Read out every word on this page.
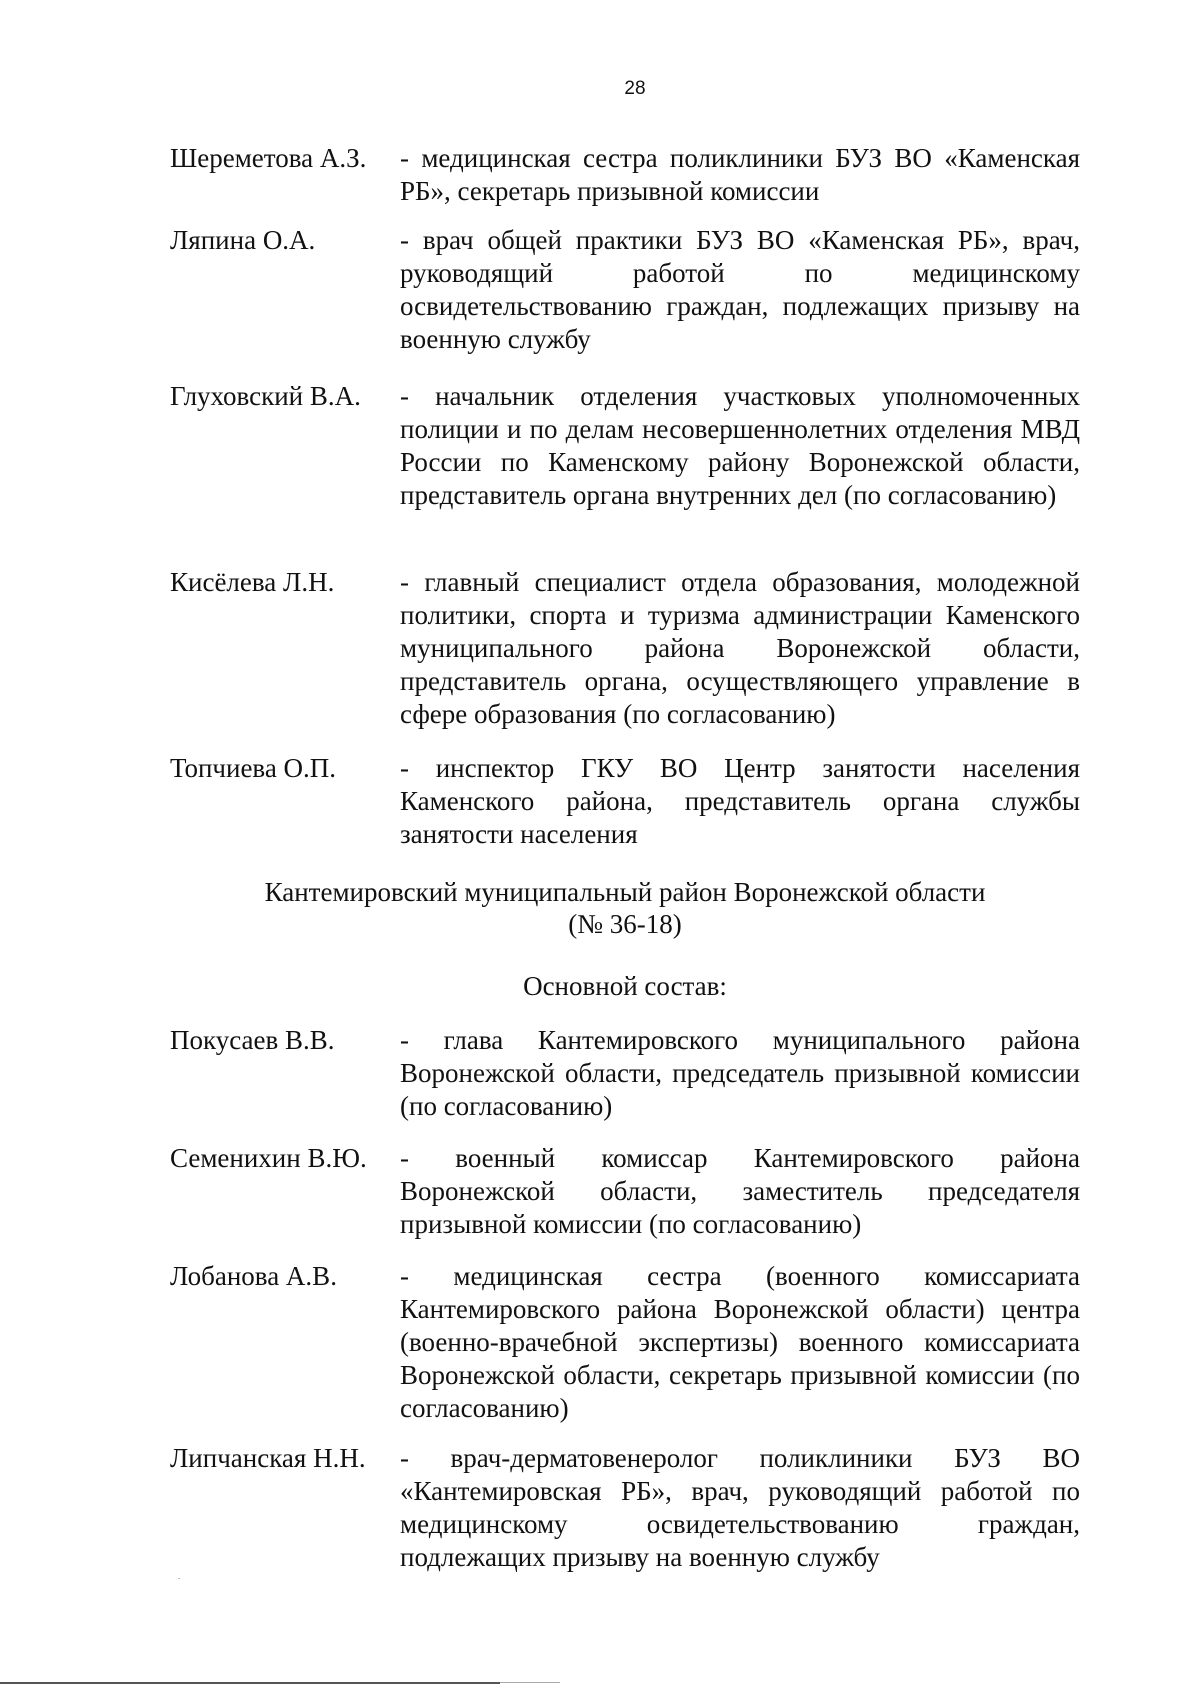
28
Шереметова А.З. - медицинская сестра поликлиники БУЗ ВО «Каменская РБ», секретарь призывной комиссии
Ляпина О.А.	- врач общей практики БУЗ ВО «Каменская РБ», врач, руководящий работой по медицинскому освидетельствованию граждан, подлежащих призыву на военную службу
Глуховский В.А. - начальник отделения участковых уполномоченных полиции и по делам несовершеннолетних отделения МВД России по Каменскому району Воронежской области, представитель органа внутренних дел (по согласованию)
Кисёлева Л.Н. - главный специалист отдела образования, молодежной политики, спорта и туризма администрации Каменского муниципального района Воронежской области, представитель органа, осуществляющего управление в сфере образования (по согласованию)
Топчиева О.П. - инспектор ГКУ ВО Центр занятости населения Каменского района, представитель органа службы занятости населения
Кантемировский муниципальный район Воронежской области
(№ 36-18)
Основной состав:
Покусаев В.В. - глава Кантемировского муниципального района Воронежской области, председатель призывной комиссии (по согласованию)
Семенихин В.Ю. - военный комиссар Кантемировского района Воронежской области, заместитель председателя призывной комиссии (по согласованию)
Лобанова А.В. - медицинская сестра (военного комиссариата Кантемировского района Воронежской области) центра (военно-врачебной экспертизы) военного комиссариата Воронежской области, секретарь призывной комиссии (по согласованию)
Липчанская Н.Н. - врач-дерматовенеролог поликлиники БУЗ ВО «Кантемировская РБ», врач, руководящий работой по медицинскому освидетельствованию граждан, подлежащих призыву на военную службу
